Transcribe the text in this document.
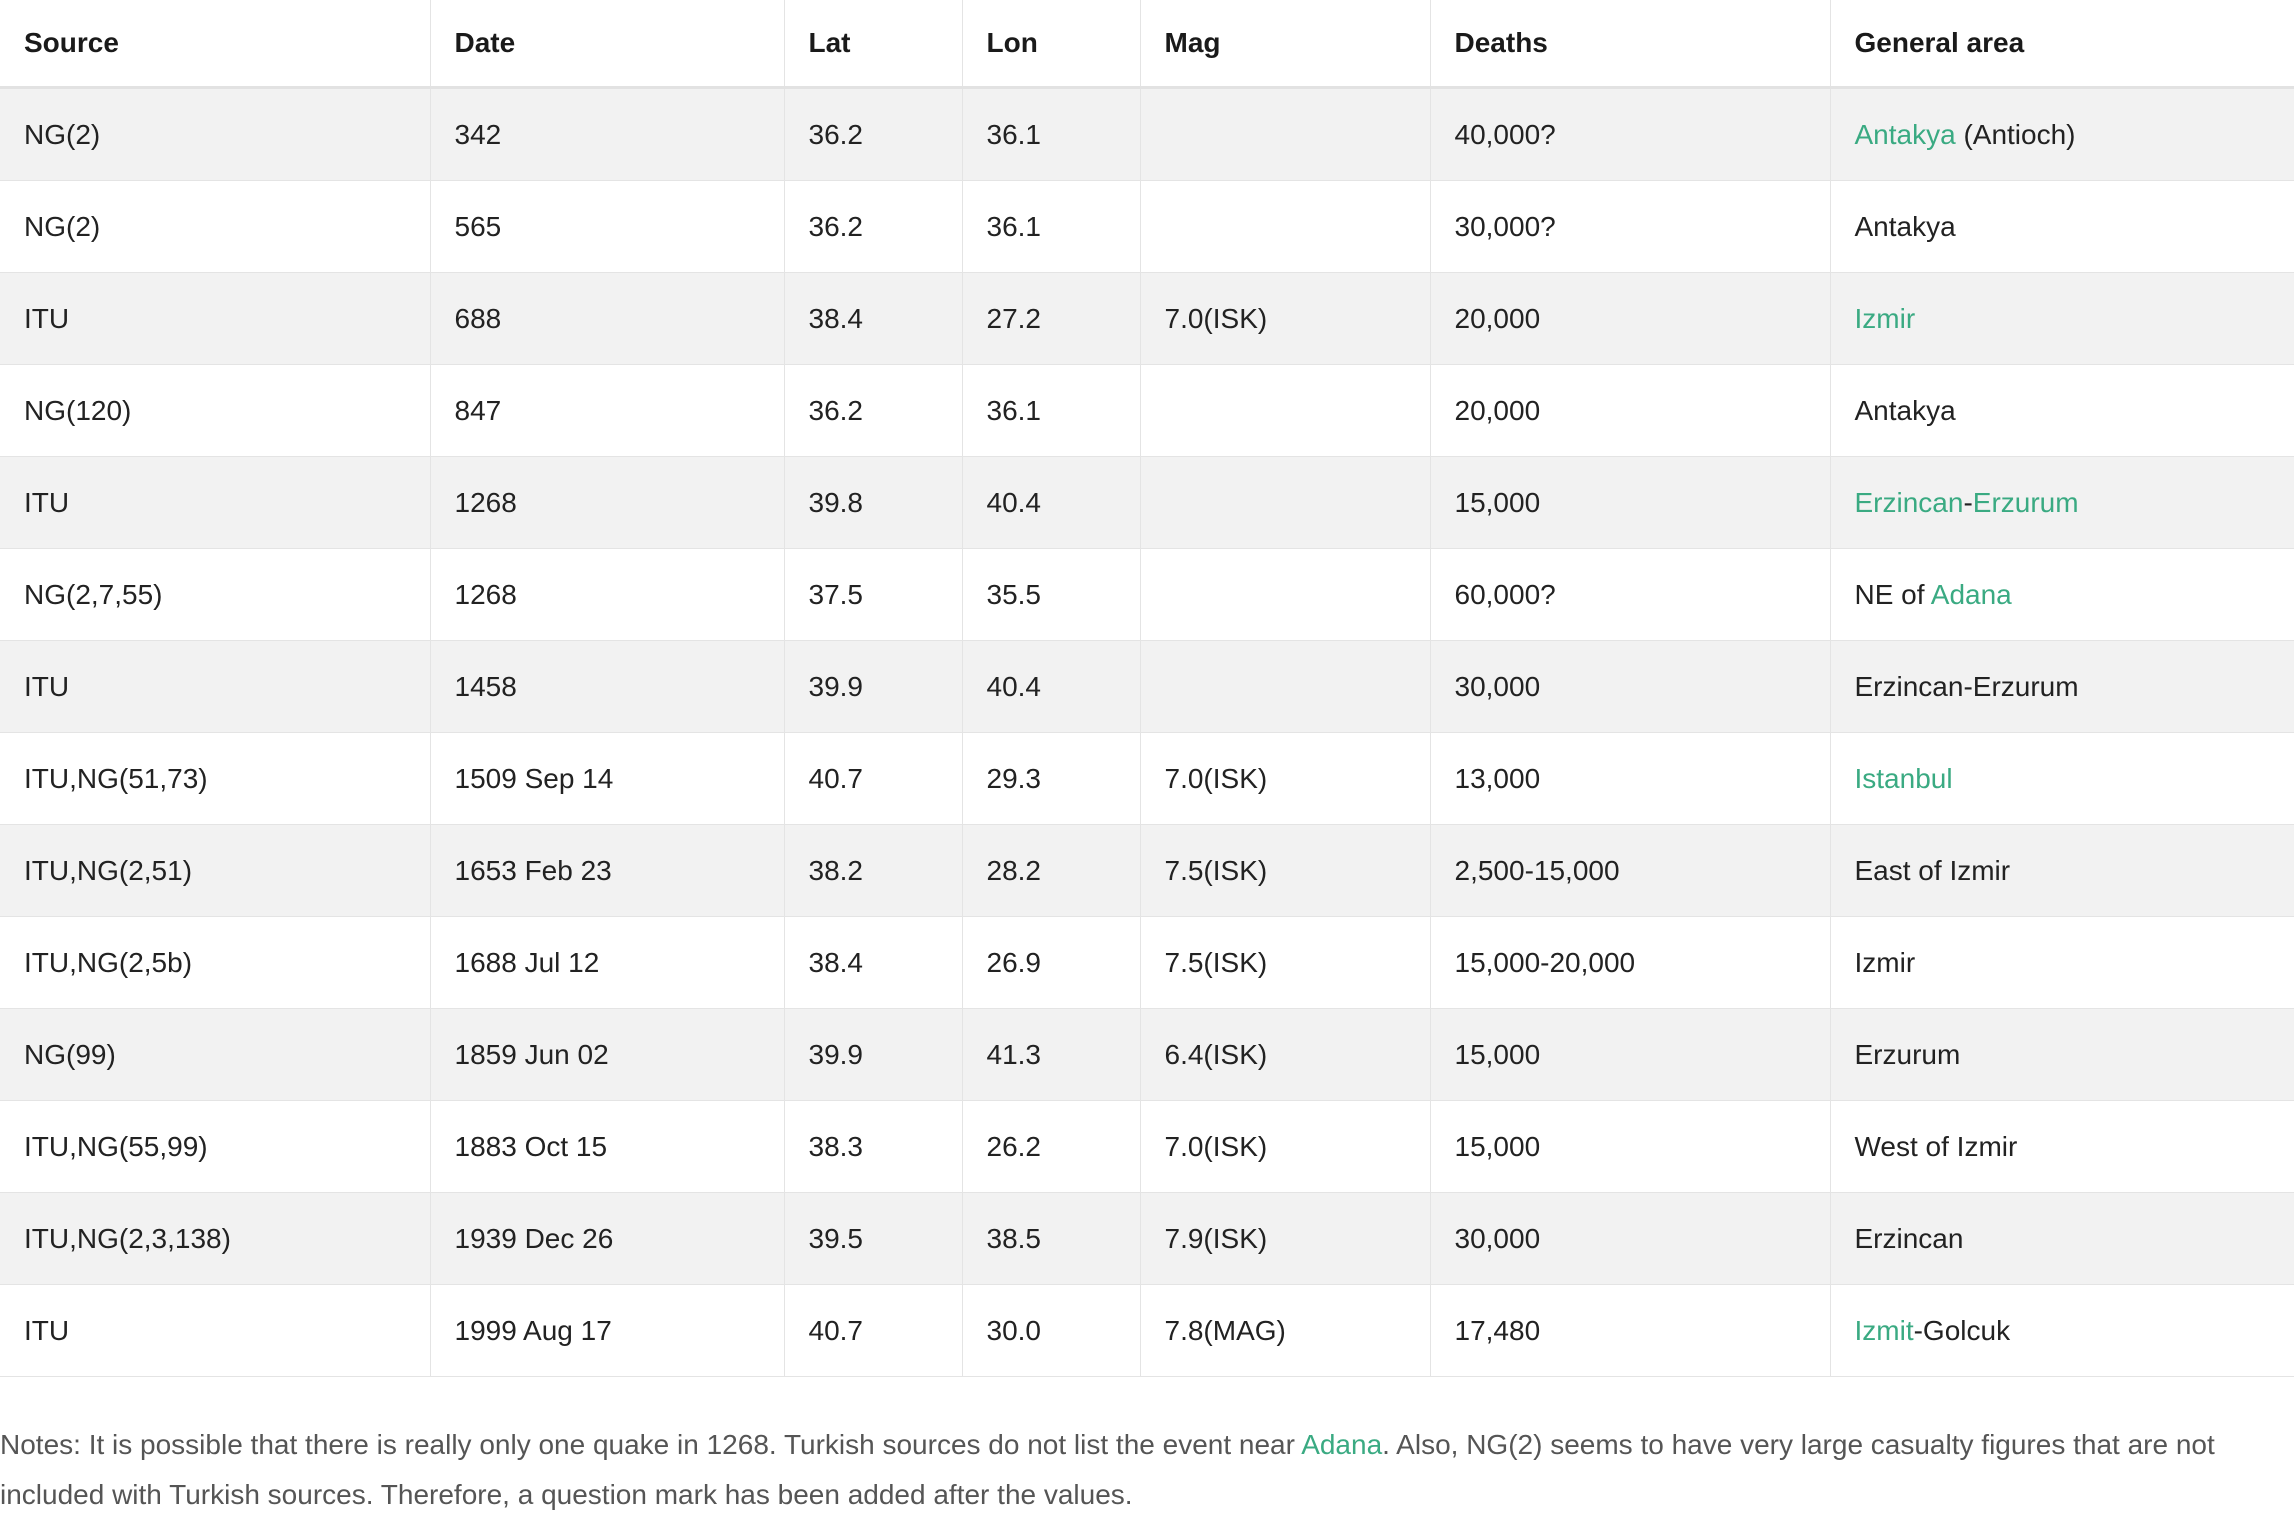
Source	Date	Lat	Lon	Mag	Deaths	General area
NG(2)	342	36.2	36.1		40,000?	Antakya (Antioch)
NG(2)	565	36.2	36.1		30,000?	Antakya
ITU	688	38.4	27.2	7.0(ISK)	20,000	Izmir
NG(120)	847	36.2	36.1		20,000	Antakya
ITU	1268	39.8	40.4		15,000	Erzincan-Erzurum
NG(2,7,55)	1268	37.5	35.5		60,000?	NE of Adana
ITU	1458	39.9	40.4		30,000	Erzincan-Erzurum
ITU,NG(51,73)	1509 Sep 14	40.7	29.3	7.0(ISK)	13,000	Istanbul
ITU,NG(2,51)	1653 Feb 23	38.2	28.2	7.5(ISK)	2,500-15,000	East of Izmir
ITU,NG(2,5b)	1688 Jul 12	38.4	26.9	7.5(ISK)	15,000-20,000	Izmir
NG(99)	1859 Jun 02	39.9	41.3	6.4(ISK)	15,000	Erzurum
ITU,NG(55,99)	1883 Oct 15	38.3	26.2	7.0(ISK)	15,000	West of Izmir
ITU,NG(2,3,138)	1939 Dec 26	39.5	38.5	7.9(ISK)	30,000	Erzincan
ITU	1999 Aug 17	40.7	30.0	7.8(MAG)	17,480	Izmit-Golcuk

Notes: It is possible that there is really only one quake in 1268. Turkish sources do not list the event near Adana. Also, NG(2) seems to have very large casualty figures that are not included with Turkish sources. Therefore, a question mark has been added after the values.
